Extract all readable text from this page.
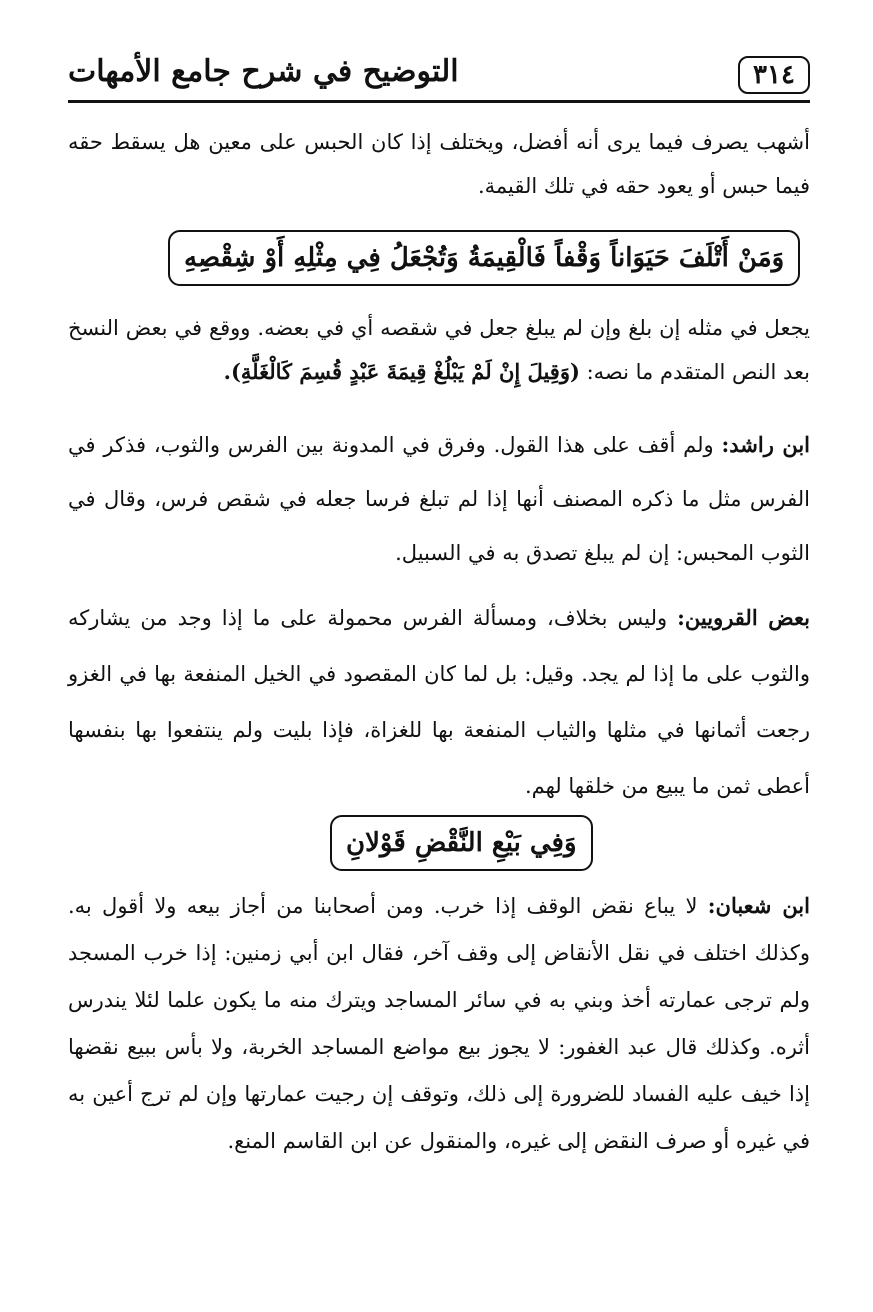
٣١٤
التوضيح في شرح جامع الأمهات

أشهب يصرف فيما يرى أنه أفضل، ويختلف إذا كان الحبس على معين هل يسقط حقه فيما حبس أو يعود حقه في تلك القيمة.

وَمَنْ أَتْلَفَ حَيَوَاناً وَقْفاً فَالْقِيمَةُ وَتُجْعَلُ فِي مِثْلِهِ أَوْ شِقْصِهِ

يجعل في مثله إن بلغ وإن لم يبلغ جعل في شقصه أي في بعضه. ووقع في بعض النسخ بعد النص المتقدم ما نصه: (وَقِيلَ إِنْ لَمْ يَبْلُغْ قِيمَةَ عَبْدٍ قُسِمَ كَالْغَلَّةِ).

ابن راشد: ولم أقف على هذا القول. وفرق في المدونة بين الفرس والثوب، فذكر في الفرس مثل ما ذكره المصنف أنها إذا لم تبلغ فرسا جعله في شقص فرس، وقال في الثوب المحبس: إن لم يبلغ تصدق به في السبيل.

بعض القرويين: وليس بخلاف، ومسألة الفرس محمولة على ما إذا وجد من يشاركه والثوب على ما إذا لم يجد. وقيل: بل لما كان المقصود في الخيل المنفعة بها في الغزو رجعت أثمانها في مثلها والثياب المنفعة بها للغزاة، فإذا بليت ولم ينتفعوا بها بنفسها أعطى ثمن ما يبيع من خلقها لهم.

وَفِي بَيْعِ النَّقْضِ قَوْلانِ

ابن شعبان: لا يباع نقض الوقف إذا خرب. ومن أصحابنا من أجاز بيعه ولا أقول به. وكذلك اختلف في نقل الأنقاض إلى وقف آخر، فقال ابن أبي زمنين: إذا خرب المسجد ولم ترجى عمارته أخذ وبني به في سائر المساجد ويترك منه ما يكون علما لئلا يندرس أثره. وكذلك قال عبد الغفور: لا يجوز بيع مواضع المساجد الخربة، ولا بأس ببيع نقضها إذا خيف عليه الفساد للضرورة إلى ذلك، وتوقف إن رجيت عمارتها وإن لم ترج أعين به في غيره أو صرف النقض إلى غيره، والمنقول عن ابن القاسم المنع.
